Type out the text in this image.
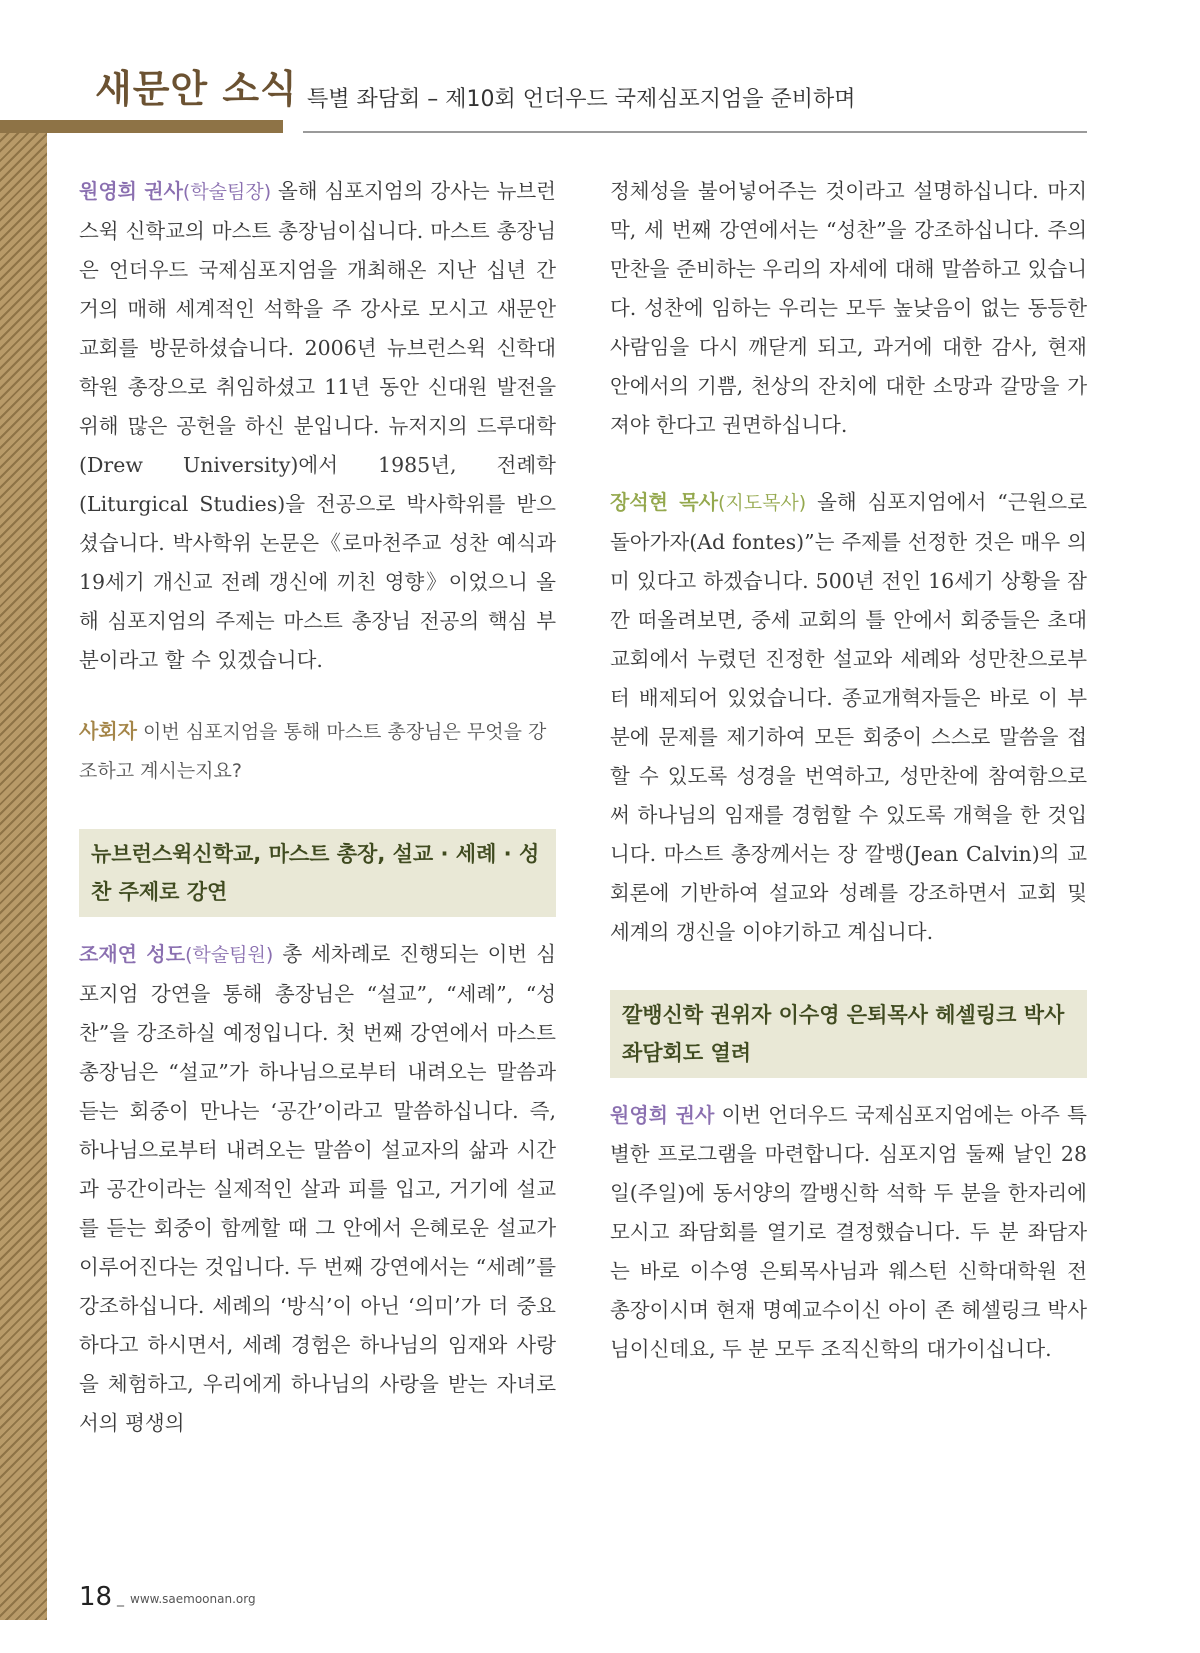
새문안 소식 특별 좌담회 – 제10회 언더우드 국제심포지엄을 준비하며

원영희 권사(학술팀장) 올해 심포지엄의 강사는 뉴브런스윅 신학교의 마스트 총장님이십니다. 마스트 총장님은 언더우드 국제심포지엄을 개최해온 지난 십년 간 거의 매해 세계적인 석학을 주 강사로 모시고 새문안교회를 방문하셨습니다. 2006년 뉴브런스윅 신학대학원 총장으로 취임하셨고 11년 동안 신대원 발전을 위해 많은 공헌을 하신 분입니다. 뉴저지의 드루대학(Drew University)에서 1985년, 전례학(Liturgical Studies)을 전공으로 박사학위를 받으셨습니다. 박사학위 논문은《로마천주교 성찬 예식과 19세기 개신교 전례 갱신에 끼친 영향》이었으니 올해 심포지엄의 주제는 마스트 총장님 전공의 핵심 부분이라고 할 수 있겠습니다.

사회자 이번 심포지엄을 통해 마스트 총장님은 무엇을 강조하고 계시는지요?

뉴브런스윅신학교, 마스트 총장, 설교 · 세례 · 성찬 주제로 강연

조재연 성도(학술팀원) 총 세차례로 진행되는 이번 심포지엄 강연을 통해 총장님은 “설교”, “세례”, “성찬”을 강조하실 예정입니다. 첫 번째 강연에서 마스트 총장님은 “설교”가 하나님으로부터 내려오는 말씀과 듣는 회중이 만나는 ‘공간’이라고 말씀하십니다. 즉, 하나님으로부터 내려오는 말씀이 설교자의 삶과 시간과 공간이라는 실제적인 살과 피를 입고, 거기에 설교를 듣는 회중이 함께할 때 그 안에서 은혜로운 설교가 이루어진다는 것입니다. 두 번째 강연에서는 “세례”를 강조하십니다. 세례의 ‘방식’이 아닌 ‘의미’가 더 중요하다고 하시면서, 세례 경험은 하나님의 임재와 사랑을 체험하고, 우리에게 하나님의 사랑을 받는 자녀로서의 평생의

정체성을 불어넣어주는 것이라고 설명하십니다. 마지막, 세 번째 강연에서는 “성찬”을 강조하십니다. 주의 만찬을 준비하는 우리의 자세에 대해 말씀하고 있습니다. 성찬에 임하는 우리는 모두 높낮음이 없는 동등한 사람임을 다시 깨닫게 되고, 과거에 대한 감사, 현재 안에서의 기쁨, 천상의 잔치에 대한 소망과 갈망을 가져야 한다고 권면하십니다.

장석현 목사(지도목사) 올해 심포지엄에서 “근원으로 돌아가자(Ad fontes)”는 주제를 선정한 것은 매우 의미 있다고 하겠습니다. 500년 전인 16세기 상황을 잠깐 떠올려보면, 중세 교회의 틀 안에서 회중들은 초대 교회에서 누렸던 진정한 설교와 세례와 성만찬으로부터 배제되어 있었습니다. 종교개혁자들은 바로 이 부분에 문제를 제기하여 모든 회중이 스스로 말씀을 접할 수 있도록 성경을 번역하고, 성만찬에 참여함으로써 하나님의 임재를 경험할 수 있도록 개혁을 한 것입니다. 마스트 총장께서는 장 깔뱅(Jean Calvin)의 교회론에 기반하여 설교와 성례를 강조하면서 교회 및 세계의 갱신을 이야기하고 계십니다.

깔뱅신학 권위자 이수영 은퇴목사 헤셀링크 박사 좌담회도 열려

원영희 권사 이번 언더우드 국제심포지엄에는 아주 특별한 프로그램을 마련합니다. 심포지엄 둘째 날인 28일(주일)에 동서양의 깔뱅신학 석학 두 분을 한자리에 모시고 좌담회를 열기로 결정했습니다. 두 분 좌담자는 바로 이수영 은퇴목사님과 웨스턴 신학대학원 전 총장이시며 현재 명예교수이신 아이 존 헤셀링크 박사님이신데요, 두 분 모두 조직신학의 대가이십니다.

18 _ www.saemoonan.org
